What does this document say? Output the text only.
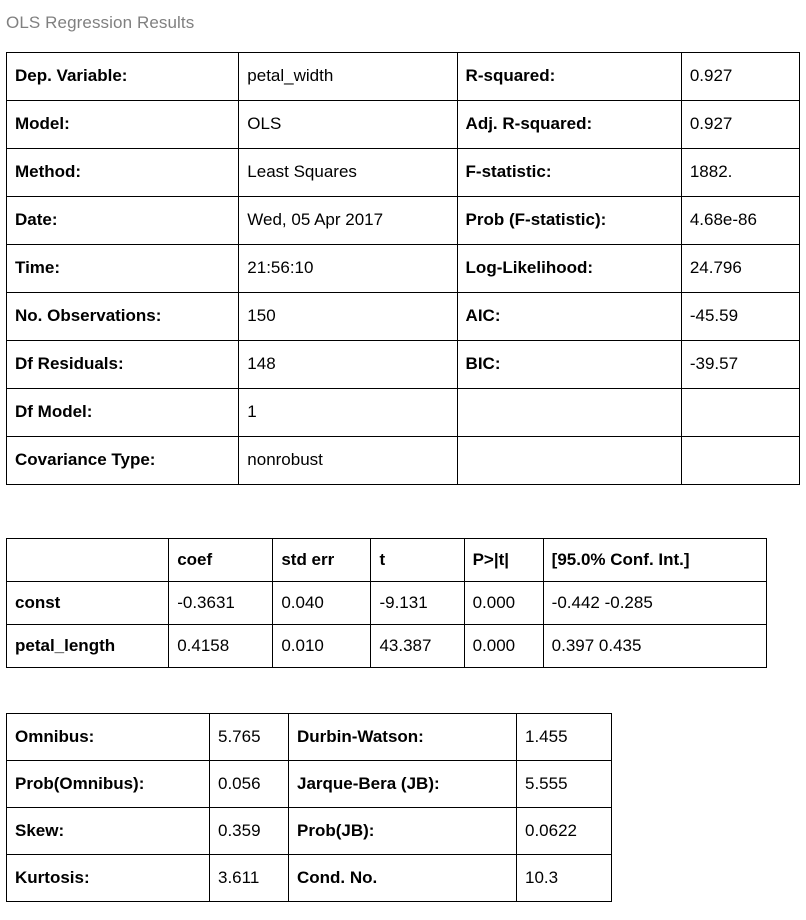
OLS Regression Results
Dep. Variable:	petal_width	R-squared:	0.927
Model:	OLS	Adj. R-squared:	0.927
Method:	Least Squares	F-statistic:	1882.
Date:	Wed, 05 Apr 2017	Prob (F-statistic):	4.68e-86
Time:	21:56:10	Log-Likelihood:	24.796
No. Observations:	150	AIC:	-45.59
Df Residuals:	148	BIC:	-39.57
Df Model:	1		
Covariance Type:	nonrobust		
	coef	std err	t	P>|t|	[95.0% Conf. Int.]
const	-0.3631	0.040	-9.131	0.000	-0.442 -0.285
petal_length	0.4158	0.010	43.387	0.000	0.397 0.435
Omnibus:	5.765	Durbin-Watson:	1.455
Prob(Omnibus):	0.056	Jarque-Bera (JB):	5.555
Skew:	0.359	Prob(JB):	0.0622
Kurtosis:	3.611	Cond. No.	10.3
